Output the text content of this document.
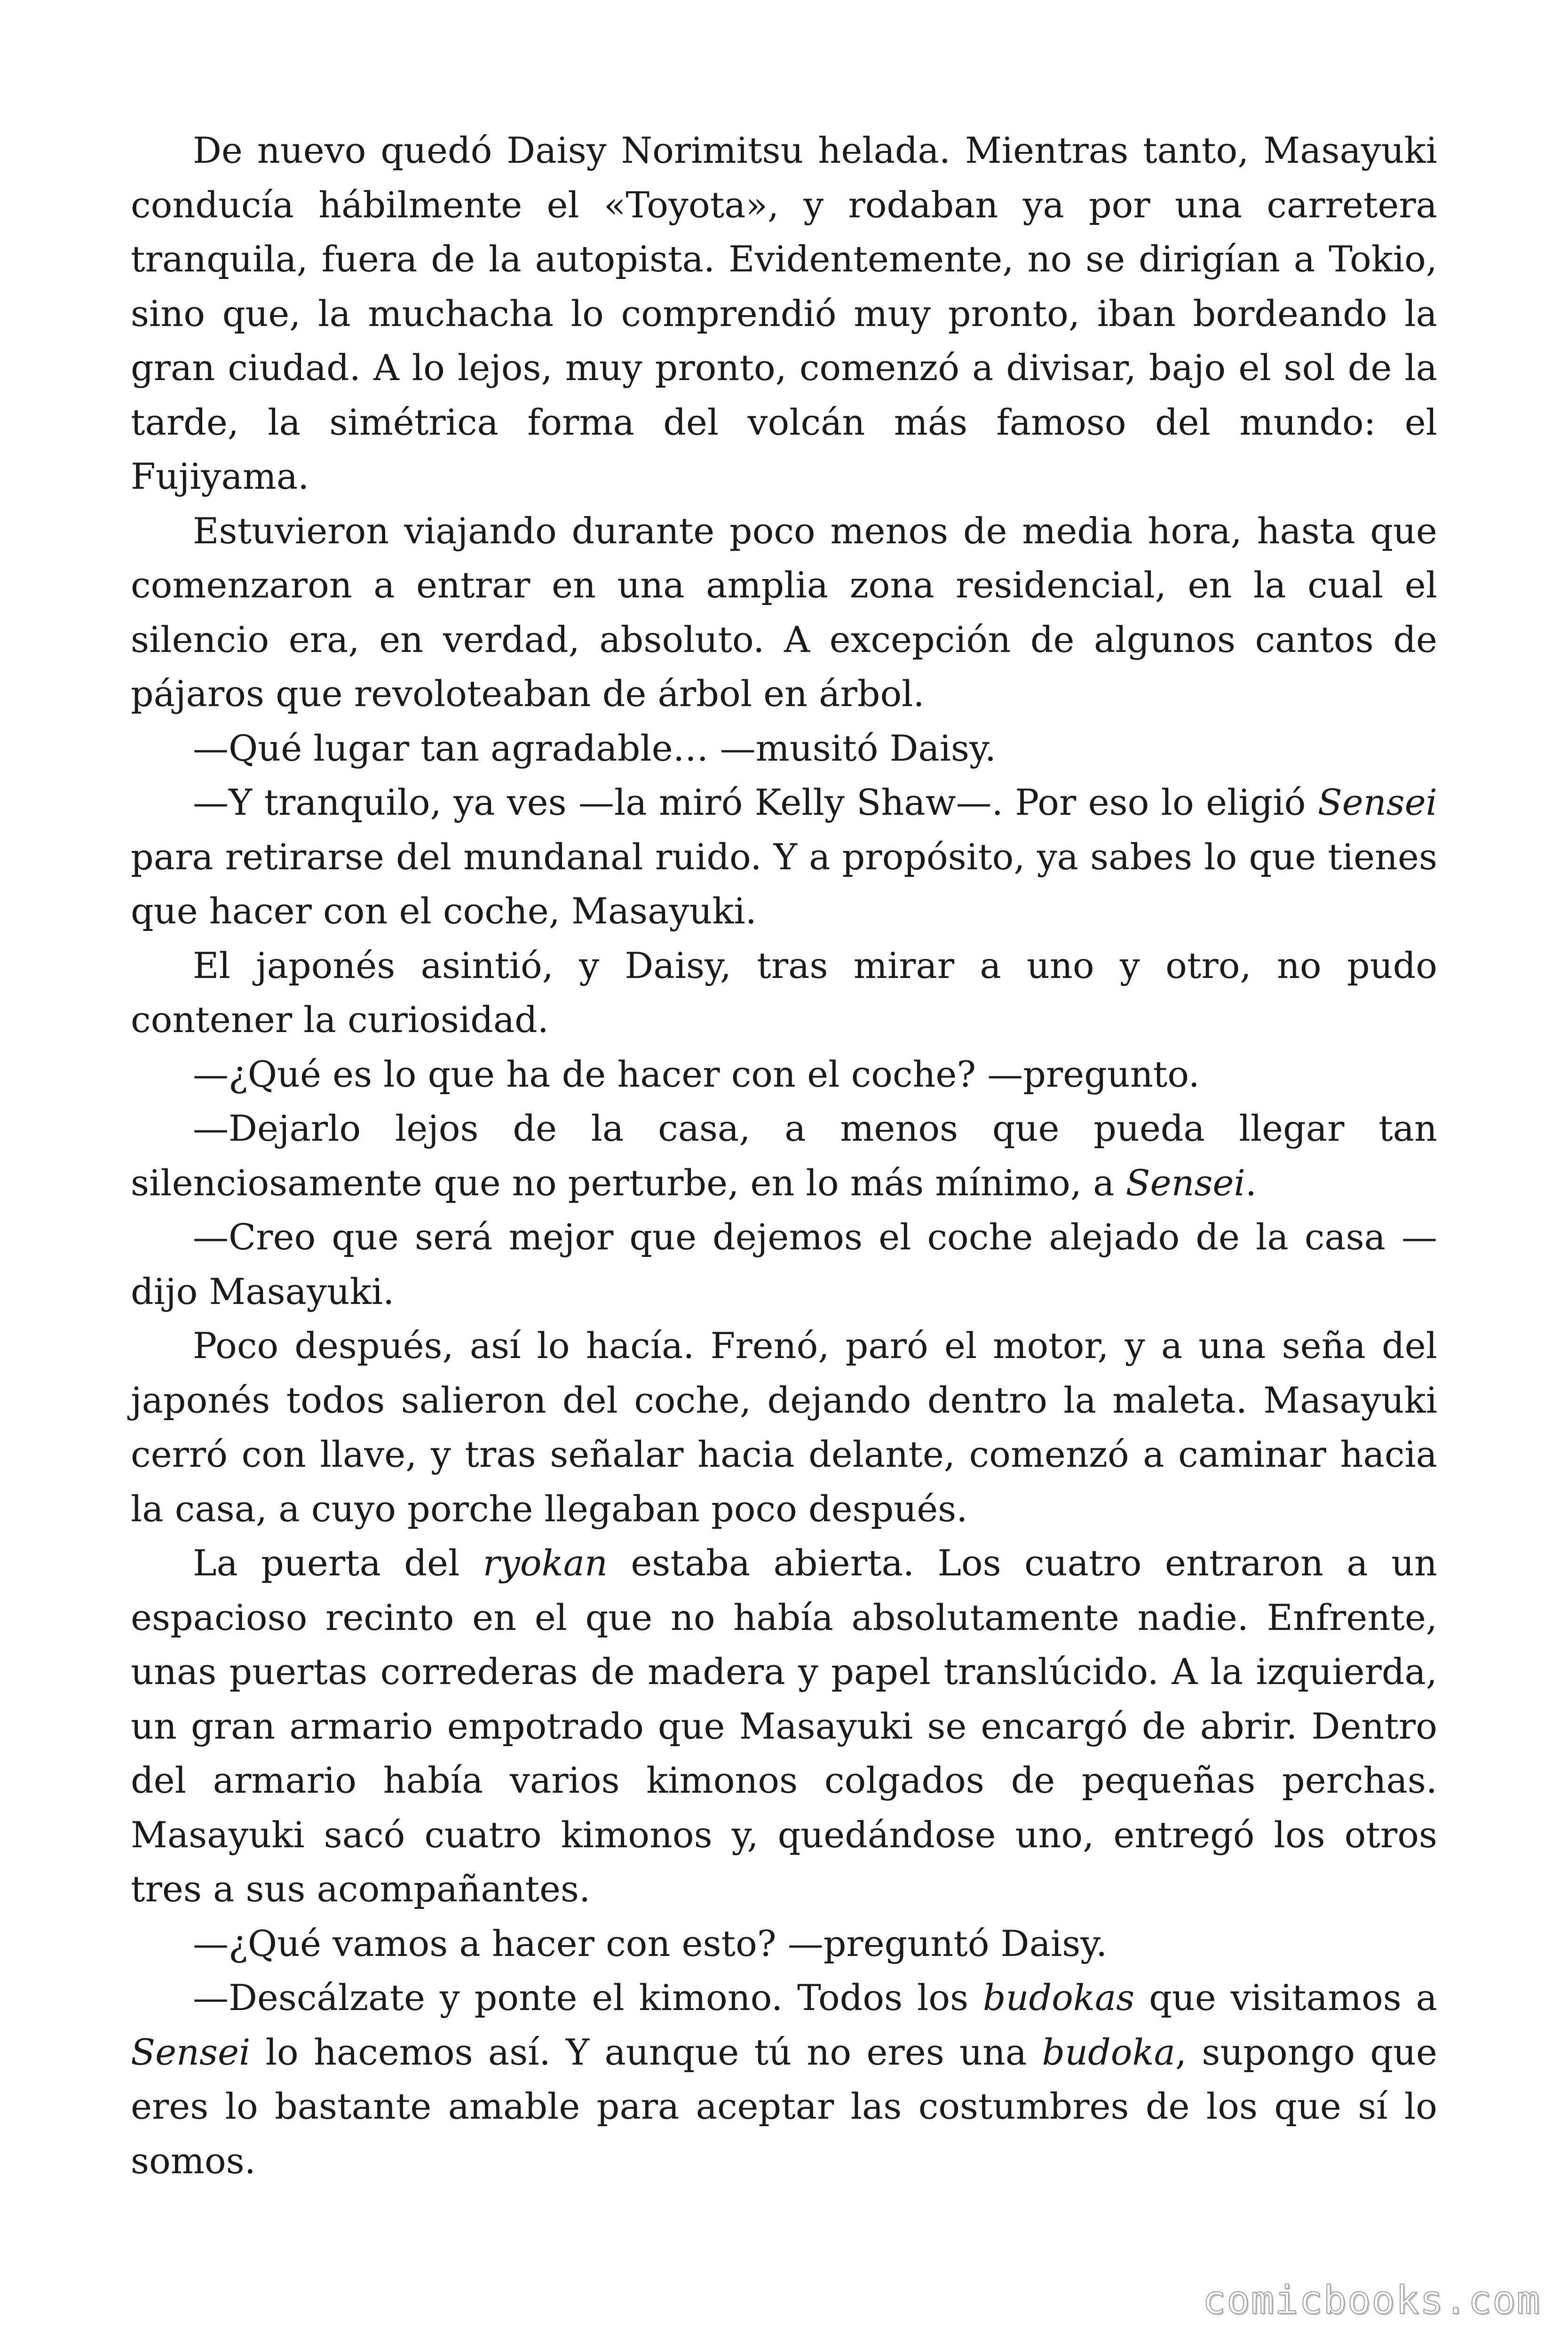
De nuevo quedó Daisy Norimitsu helada. Mientras tanto, Masayuki conducía hábilmente el «Toyota», y rodaban ya por una carretera tranquila, fuera de la autopista. Evidentemente, no se dirigían a Tokio, sino que, la muchacha lo comprendió muy pronto, iban bordeando la gran ciudad. A lo lejos, muy pronto, comenzó a divisar, bajo el sol de la tarde, la simétrica forma del volcán más famoso del mundo: el Fujiyama.

Estuvieron viajando durante poco menos de media hora, hasta que comenzaron a entrar en una amplia zona residencial, en la cual el silencio era, en verdad, absoluto. A excepción de algunos cantos de pájaros que revoloteaban de árbol en árbol.

—Qué lugar tan agradable… —musitó Daisy.

—Y tranquilo, ya ves —la miró Kelly Shaw—. Por eso lo eligió Sensei para retirarse del mundanal ruido. Y a propósito, ya sabes lo que tienes que hacer con el coche, Masayuki.

El japonés asintió, y Daisy, tras mirar a uno y otro, no pudo contener la curiosidad.

—¿Qué es lo que ha de hacer con el coche? —pregunto.

—Dejarlo lejos de la casa, a menos que pueda llegar tan silenciosamente que no perturbe, en lo más mínimo, a Sensei.

—Creo que será mejor que dejemos el coche alejado de la casa —dijo Masayuki.

Poco después, así lo hacía. Frenó, paró el motor, y a una seña del japonés todos salieron del coche, dejando dentro la maleta. Masayuki cerró con llave, y tras señalar hacia delante, comenzó a caminar hacia la casa, a cuyo porche llegaban poco después.

La puerta del ryokan estaba abierta. Los cuatro entraron a un espacioso recinto en el que no había absolutamente nadie. Enfrente, unas puertas correderas de madera y papel translúcido. A la izquierda, un gran armario empotrado que Masayuki se encargó de abrir. Dentro del armario había varios kimonos colgados de pequeñas perchas. Masayuki sacó cuatro kimonos y, quedándose uno, entregó los otros tres a sus acompañantes.

—¿Qué vamos a hacer con esto? —preguntó Daisy.

—Descálzate y ponte el kimono. Todos los budokas que visitamos a Sensei lo hacemos así. Y aunque tú no eres una budoka, supongo que eres lo bastante amable para aceptar las costumbres de los que sí lo somos.

comicbooks.com
